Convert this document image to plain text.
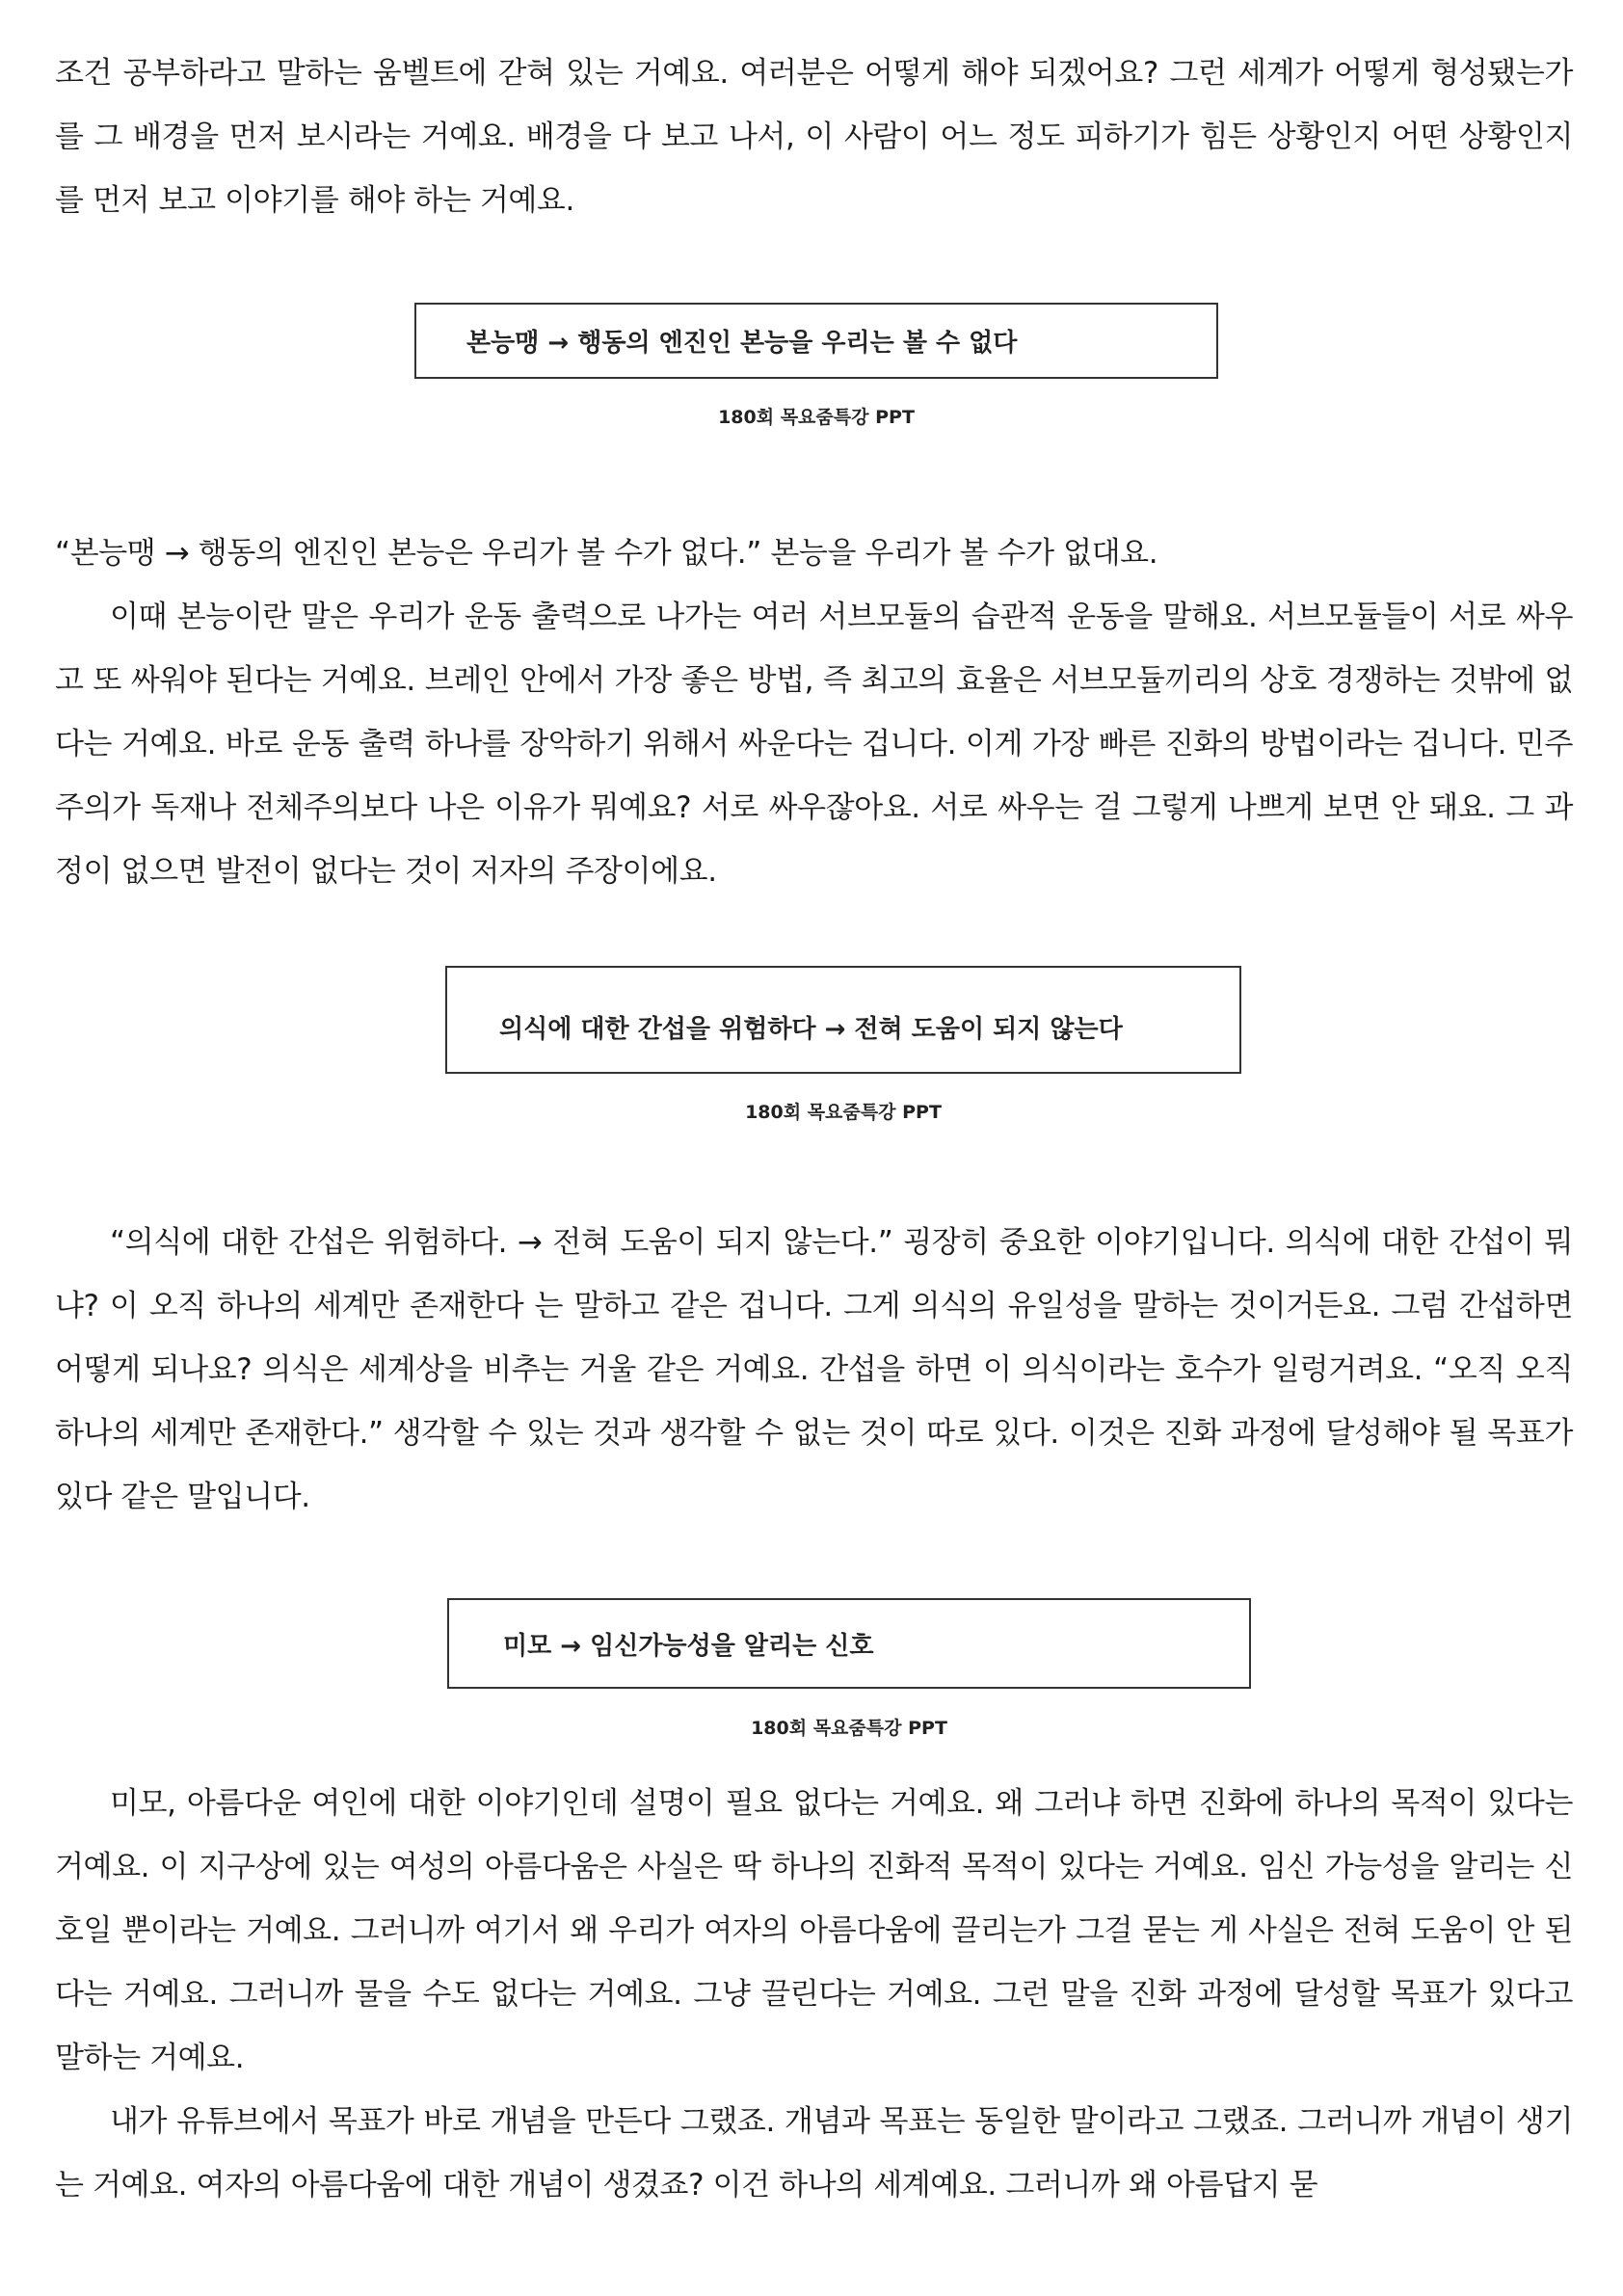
조건 공부하라고 말하는 움벨트에 갇혀 있는 거예요. 여러분은 어떻게 해야 되겠어요? 그런 세계가 어떻게 형성됐는가를 그 배경을 먼저 보시라는 거예요. 배경을 다 보고 나서, 이 사람이 어느 정도 피하기가 힘든 상황인지 어떤 상황인지를 먼저 보고 이야기를 해야 하는 거예요.

본능맹 → 행동의 엔진인 본능을 우리는 볼 수 없다
180회 목요줌특강 PPT

“본능맹 → 행동의 엔진인 본능은 우리가 볼 수가 없다.” 본능을 우리가 볼 수가 없대요.

이때 본능이란 말은 우리가 운동 출력으로 나가는 여러 서브모듈의 습관적 운동을 말해요. 서브모듈들이 서로 싸우고 또 싸워야 된다는 거예요. 브레인 안에서 가장 좋은 방법, 즉 최고의 효율은 서브모듈끼리의 상호 경쟁하는 것밖에 없다는 거예요. 바로 운동 출력 하나를 장악하기 위해서 싸운다는 겁니다. 이게 가장 빠른 진화의 방법이라는 겁니다. 민주주의가 독재나 전체주의보다 나은 이유가 뭐예요? 서로 싸우잖아요. 서로 싸우는 걸 그렇게 나쁘게 보면 안 돼요. 그 과정이 없으면 발전이 없다는 것이 저자의 주장이에요.

의식에 대한 간섭을 위험하다 → 전혀 도움이 되지 않는다
180회 목요줌특강 PPT

“의식에 대한 간섭은 위험하다. → 전혀 도움이 되지 않는다.” 굉장히 중요한 이야기입니다. 의식에 대한 간섭이 뭐냐? 이 오직 하나의 세계만 존재한다 는 말하고 같은 겁니다. 그게 의식의 유일성을 말하는 것이거든요. 그럼 간섭하면 어떻게 되나요? 의식은 세계상을 비추는 거울 같은 거예요. 간섭을 하면 이 의식이라는 호수가 일렁거려요. “오직 오직 하나의 세계만 존재한다.” 생각할 수 있는 것과 생각할 수 없는 것이 따로 있다. 이것은 진화 과정에 달성해야 될 목표가 있다 같은 말입니다.

미모 → 임신가능성을 알리는 신호
180회 목요줌특강 PPT

미모, 아름다운 여인에 대한 이야기인데 설명이 필요 없다는 거예요. 왜 그러냐 하면 진화에 하나의 목적이 있다는 거예요. 이 지구상에 있는 여성의 아름다움은 사실은 딱 하나의 진화적 목적이 있다는 거예요. 임신 가능성을 알리는 신호일 뿐이라는 거예요. 그러니까 여기서 왜 우리가 여자의 아름다움에 끌리는가 그걸 묻는 게 사실은 전혀 도움이 안 된다는 거예요. 그러니까 물을 수도 없다는 거예요. 그냥 끌린다는 거예요. 그런 말을 진화 과정에 달성할 목표가 있다고 말하는 거예요.

내가 유튜브에서 목표가 바로 개념을 만든다 그랬죠. 개념과 목표는 동일한 말이라고 그랬죠. 그러니까 개념이 생기는 거예요. 여자의 아름다움에 대한 개념이 생겼죠? 이건 하나의 세계예요. 그러니까 왜 아름답지 묻
